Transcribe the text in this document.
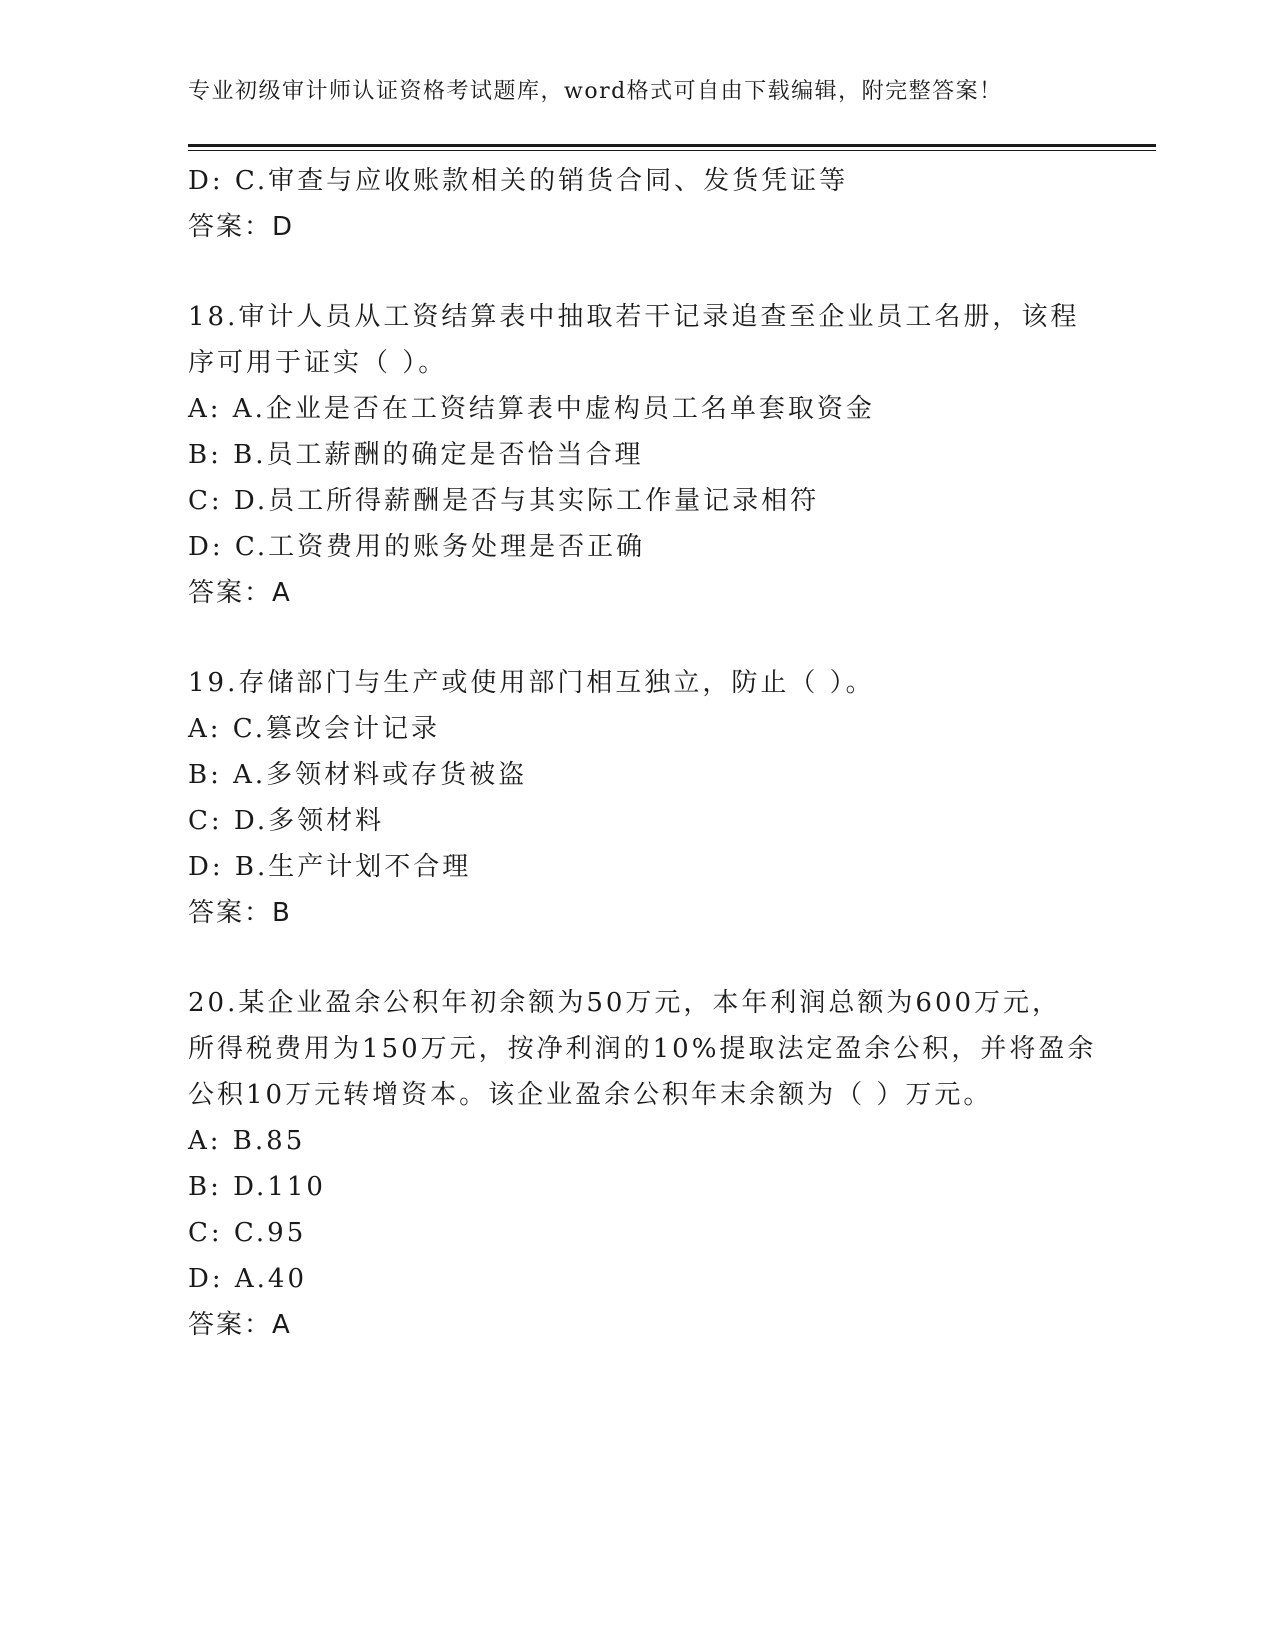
专业初级审计师认证资格考试题库，word格式可自由下载编辑，附完整答案！
D: C.审查与应收账款相关的销货合同、发货凭证等
答案：D
18.审计人员从工资结算表中抽取若干记录追查至企业员工名册，该程
序可用于证实（ ）。
A: A.企业是否在工资结算表中虚构员工名单套取资金
B: B.员工薪酬的确定是否恰当合理
C: D.员工所得薪酬是否与其实际工作量记录相符
D: C.工资费用的账务处理是否正确
答案：A
19.存储部门与生产或使用部门相互独立，防止（ ）。
A: C.篡改会计记录
B: A.多领材料或存货被盗
C: D.多领材料
D: B.生产计划不合理
答案：B
20.某企业盈余公积年初余额为50万元，本年利润总额为600万元，
所得税费用为150万元，按净利润的10%提取法定盈余公积，并将盈余
公积10万元转增资本。该企业盈余公积年末余额为（ ）万元。
A: B.85
B: D.110
C: C.95
D: A.40
答案：A
